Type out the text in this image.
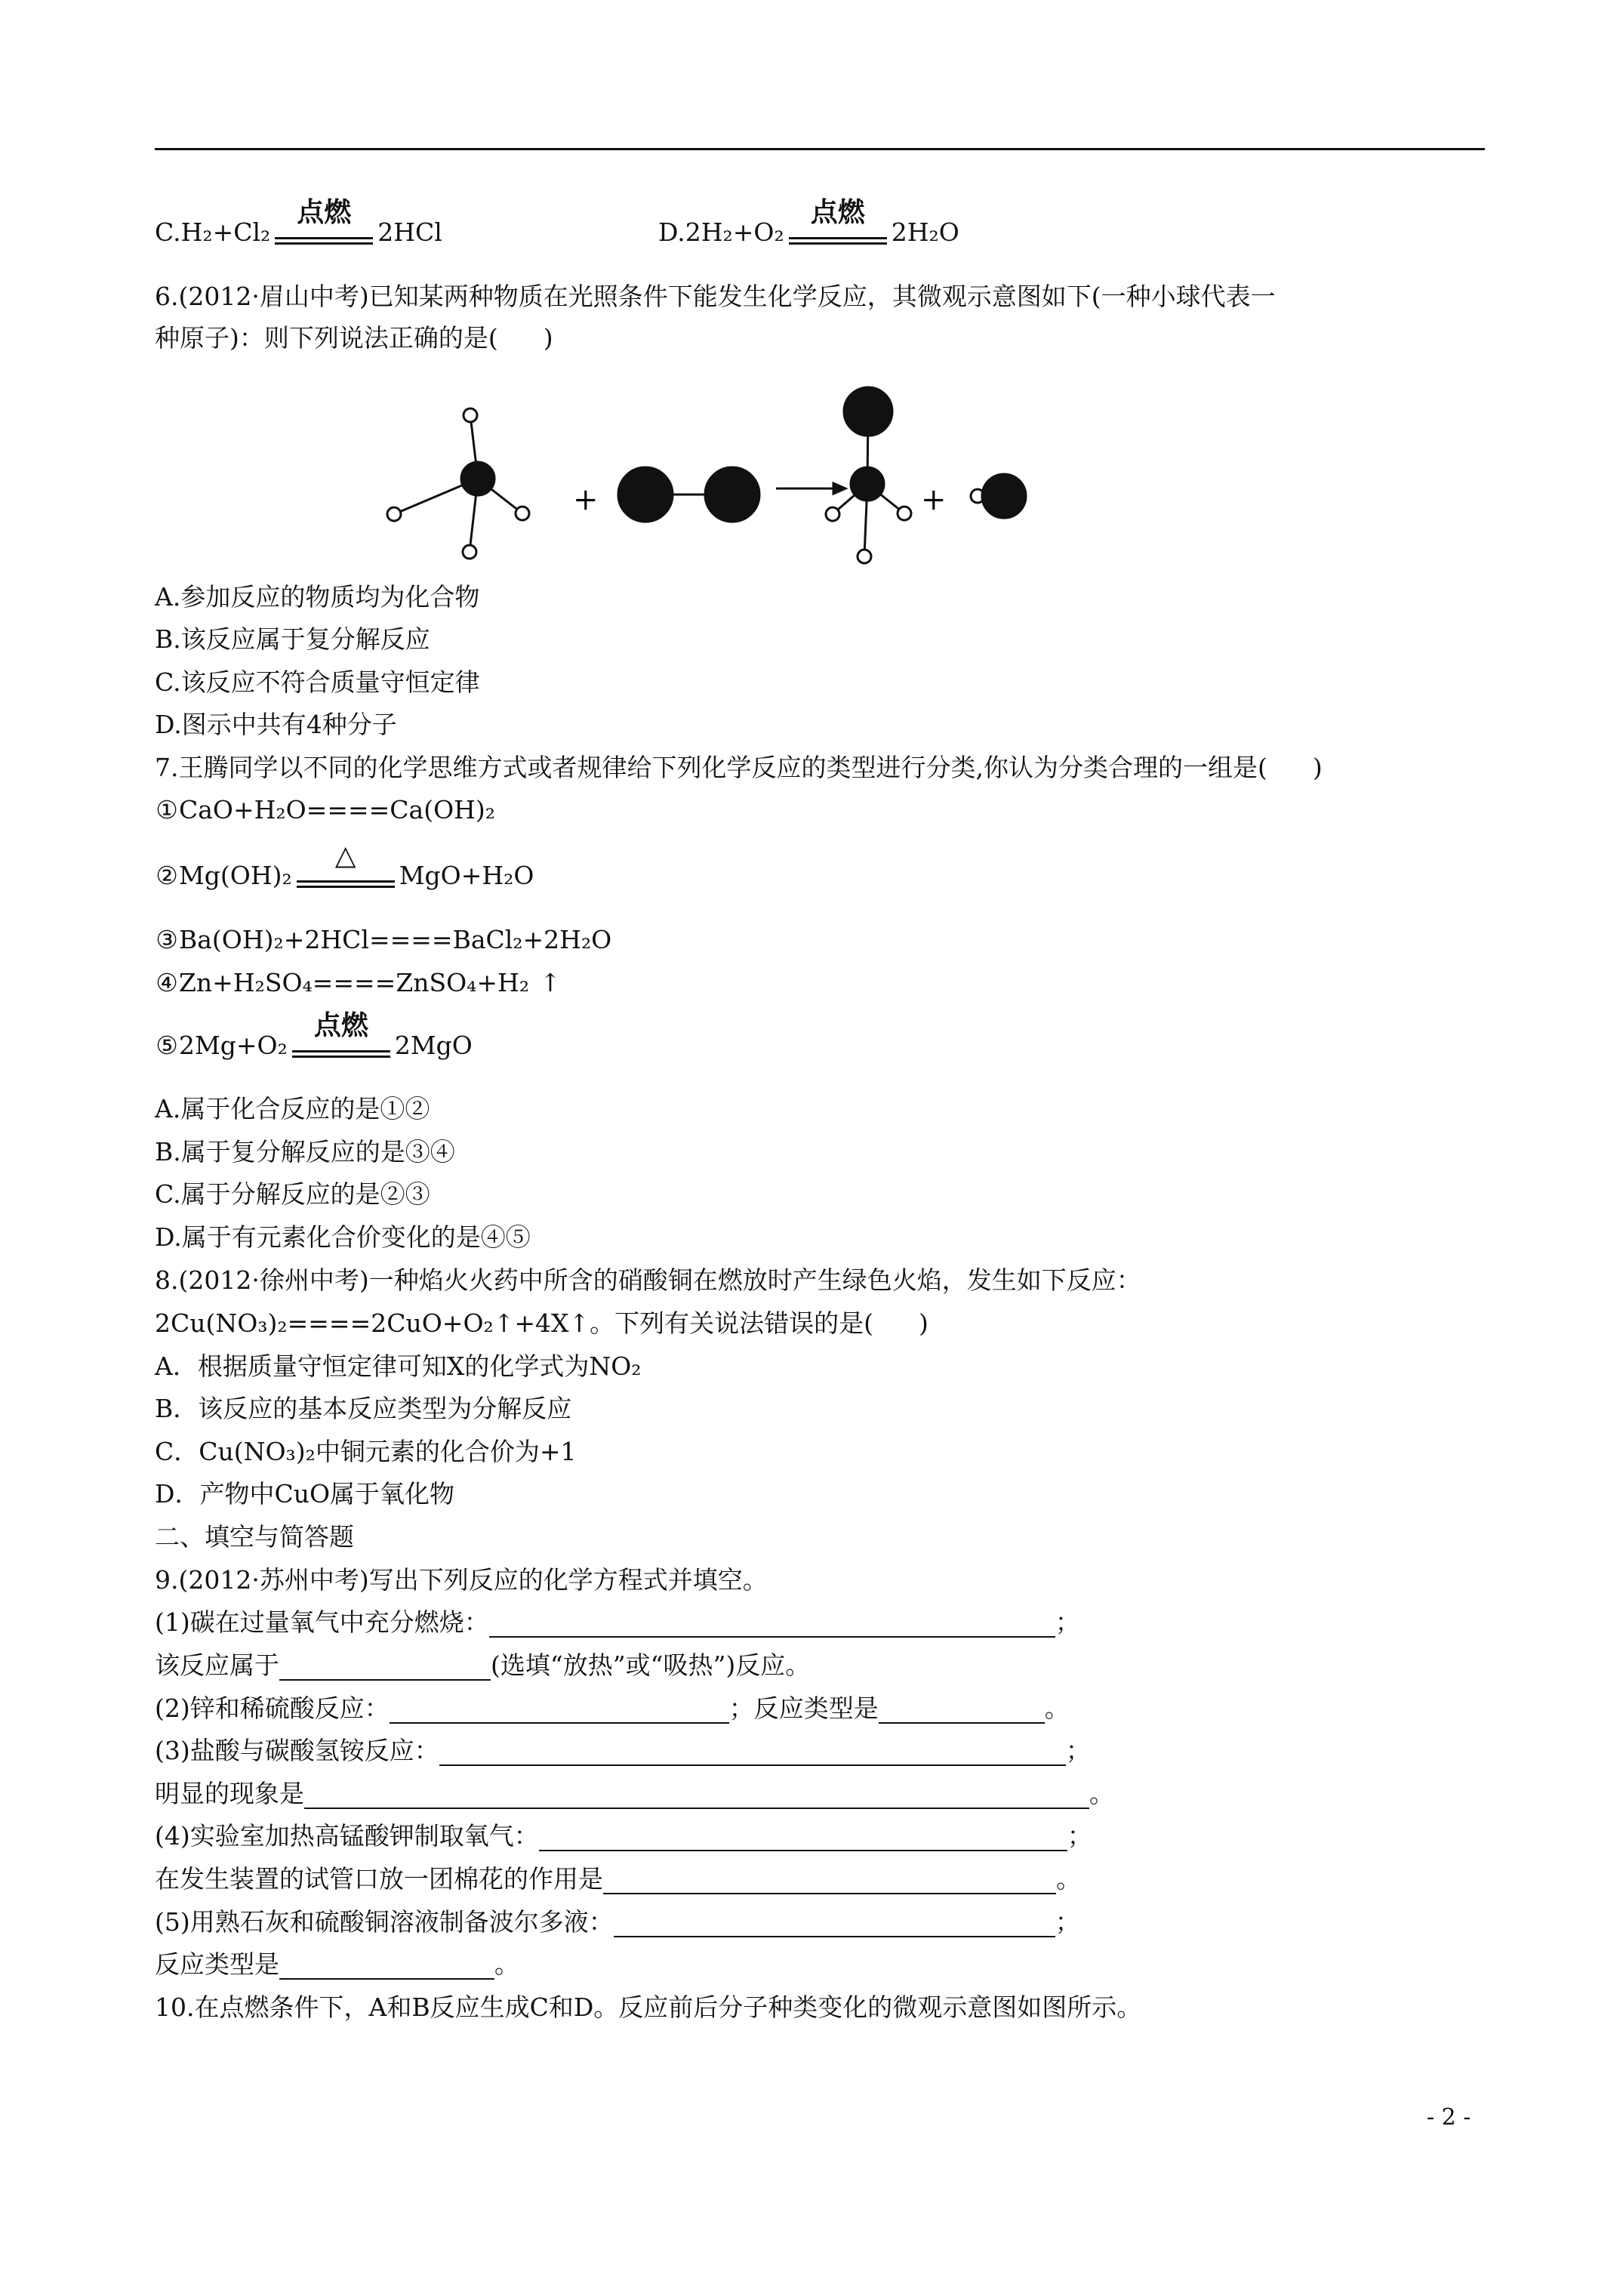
C.H₂+Cl₂
点燃
2HCl	D.2H₂+O₂
点燃
2H₂O
6.(2012·眉山中考)已知某两种物质在光照条件下能发生化学反应，其微观示意图如下(一种小球代表一
种原子)：则下列说法正确的是( )
+	+
A.参加反应的物质均为化合物
B.该反应属于复分解反应
C.该反应不符合质量守恒定律
D.图示中共有4种分子
7.王腾同学以不同的化学思维方式或者规律给下列化学反应的类型进行分类,你认为分类合理的一组是( )
①CaO+H₂O====Ca(OH)₂
②Mg(OH)₂
△
MgO+H₂O
③Ba(OH)₂+2HCl====BaCl₂+2H₂O
④Zn+H₂SO₄====ZnSO₄+H₂ ↑
⑤2Mg+O₂
点燃
2MgO
A.属于化合反应的是①②
B.属于复分解反应的是③④
C.属于分解反应的是②③
D.属于有元素化合价变化的是④⑤
8.(2012·徐州中考)一种焰火火药中所含的硝酸铜在燃放时产生绿色火焰，发生如下反应：
2Cu(NO₃)₂====2CuO+O₂↑+4X↑。下列有关说法错误的是( )
A．根据质量守恒定律可知X的化学式为NO₂
B．该反应的基本反应类型为分解反应
C．Cu(NO₃)₂中铜元素的化合价为+1
D．产物中CuO属于氧化物
二、填空与简答题
9.(2012·苏州中考)写出下列反应的化学方程式并填空。
(1)碳在过量氧气中充分燃烧：	；
该反应属于	(选填“放热”或“吸热”)反应。
(2)锌和稀硫酸反应：	；反应类型是	。
(3)盐酸与碳酸氢铵反应：	；
明显的现象是	。
(4)实验室加热高锰酸钾制取氧气：	；
在发生装置的试管口放一团棉花的作用是	。
(5)用熟石灰和硫酸铜溶液制备波尔多液：	；
反应类型是	。
10.在点燃条件下，A和B反应生成C和D。反应前后分子种类变化的微观示意图如图所示。
- 2 -
